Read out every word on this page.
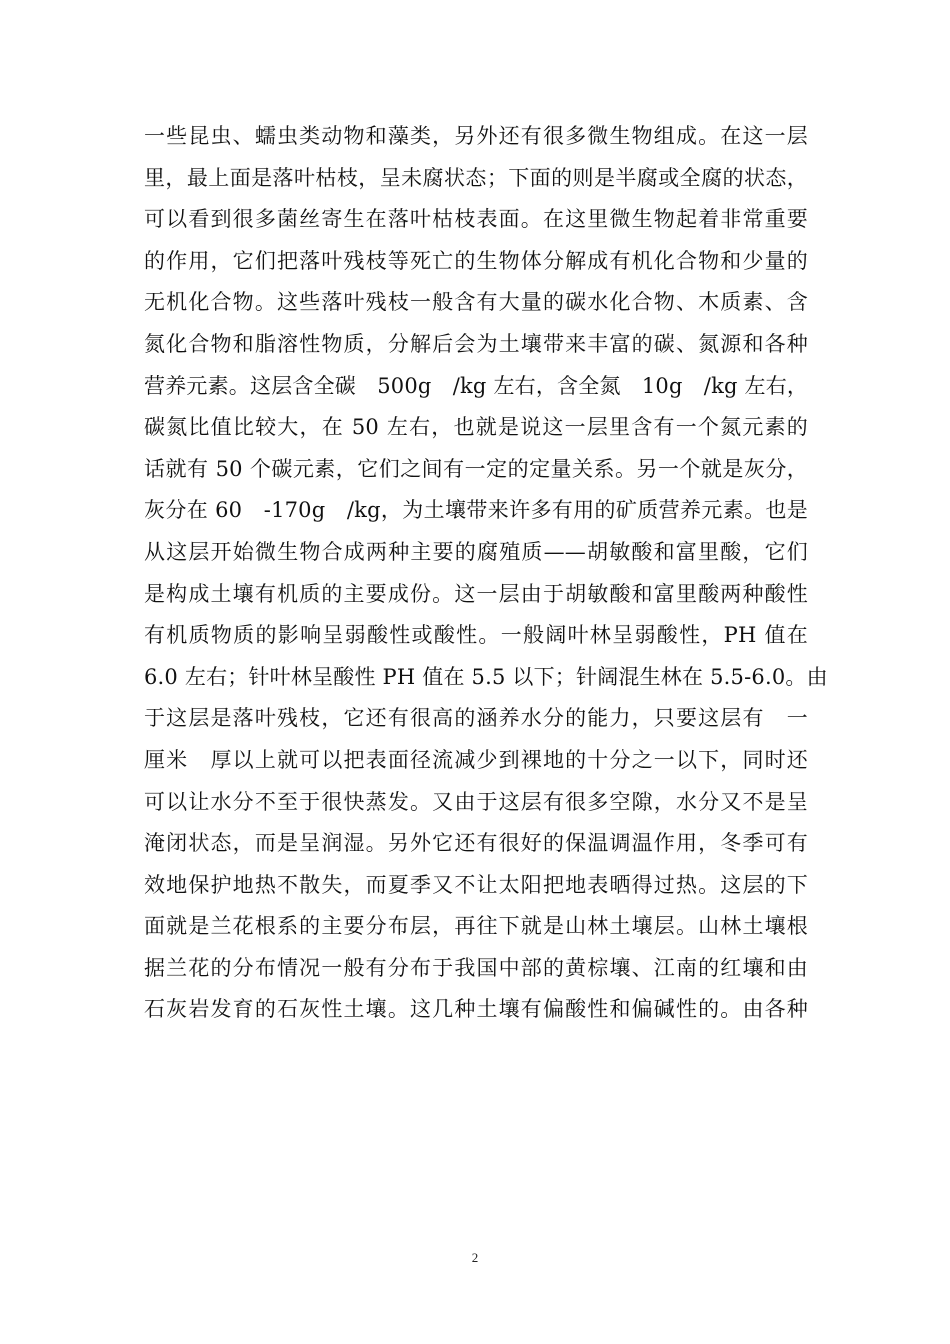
一些昆虫、蠕虫类动物和藻类，另外还有很多微生物组成。在这一层
里，最上面是落叶枯枝，呈未腐状态；下面的则是半腐或全腐的状态，
可以看到很多菌丝寄生在落叶枯枝表面。在这里微生物起着非常重要
的作用，它们把落叶残枝等死亡的生物体分解成有机化合物和少量的
无机化合物。这些落叶残枝一般含有大量的碳水化合物、木质素、含
氮化合物和脂溶性物质，分解后会为土壤带来丰富的碳、氮源和各种
营养元素。这层含全碳　500g　/kg 左右，含全氮　10g　/kg 左右，
碳氮比值比较大，在 50 左右，也就是说这一层里含有一个氮元素的
话就有 50 个碳元素，它们之间有一定的定量关系。另一个就是灰分，
灰分在 60　-170g　/kg，为土壤带来许多有用的矿质营养元素。也是
从这层开始微生物合成两种主要的腐殖质——胡敏酸和富里酸，它们
是构成土壤有机质的主要成份。这一层由于胡敏酸和富里酸两种酸性
有机质物质的影响呈弱酸性或酸性。一般阔叶林呈弱酸性，PH 值在
6.0 左右；针叶林呈酸性 PH 值在 5.5 以下；针阔混生林在 5.5-6.0。由
于这层是落叶残枝，它还有很高的涵养水分的能力，只要这层有　一
厘米　厚以上就可以把表面径流减少到裸地的十分之一以下，同时还
可以让水分不至于很快蒸发。又由于这层有很多空隙，水分又不是呈
淹闭状态，而是呈润湿。另外它还有很好的保温调温作用，冬季可有
效地保护地热不散失，而夏季又不让太阳把地表晒得过热。这层的下
面就是兰花根系的主要分布层，再往下就是山林土壤层。山林土壤根
据兰花的分布情况一般有分布于我国中部的黄棕壤、江南的红壤和由
石灰岩发育的石灰性土壤。这几种土壤有偏酸性和偏碱性的。由各种
2
